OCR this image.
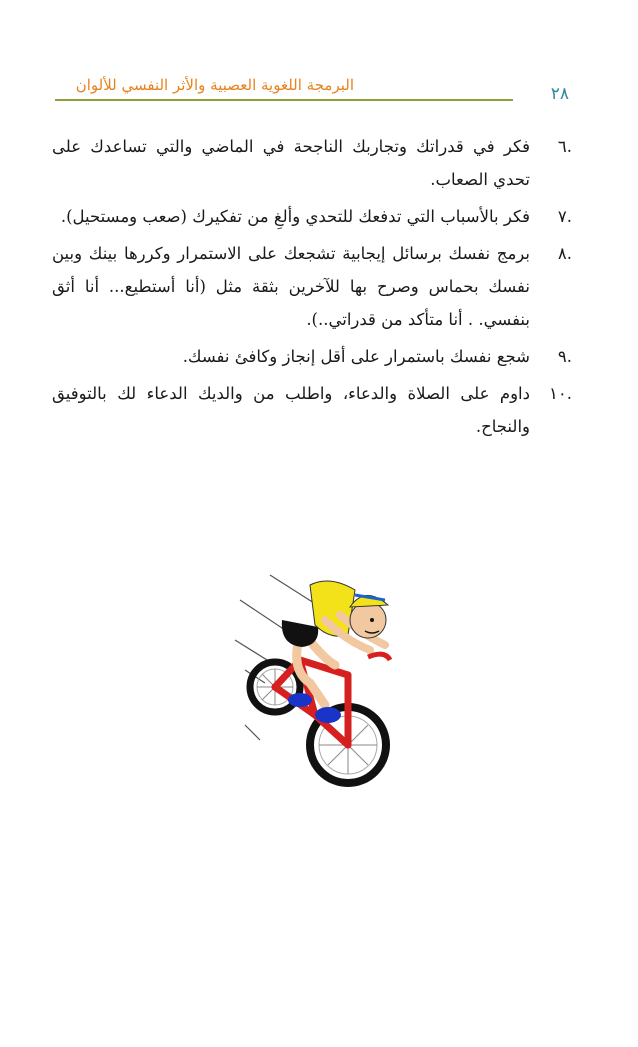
البرمجة اللغوية العصبية والأثر النفسي للألوان	٢٨
.٦
فكر في قدراتك وتجاربك الناجحة في الماضي والتي تساعدك على تحدي الصعاب.
.٧
فكر بالأسباب التي تدفعك للتحدي وألغِ من تفكيرك (صعب ومستحيل).
.٨
برمج نفسك برسائل إيجابية تشجعك على الاستمرار وكررها بينك وبين نفسك بحماس وصرح بها للآخرين بثقة مثل (أنا أستطيع... أنا أثق بنفسي. . أنا متأكد من قدراتي..).
.٩
شجع نفسك باستمرار على أقل إنجاز وكافئ نفسك.
.١٠
داوم على الصلاة والدعاء، واطلب من والديك الدعاء لك بالتوفيق والنجاح.
